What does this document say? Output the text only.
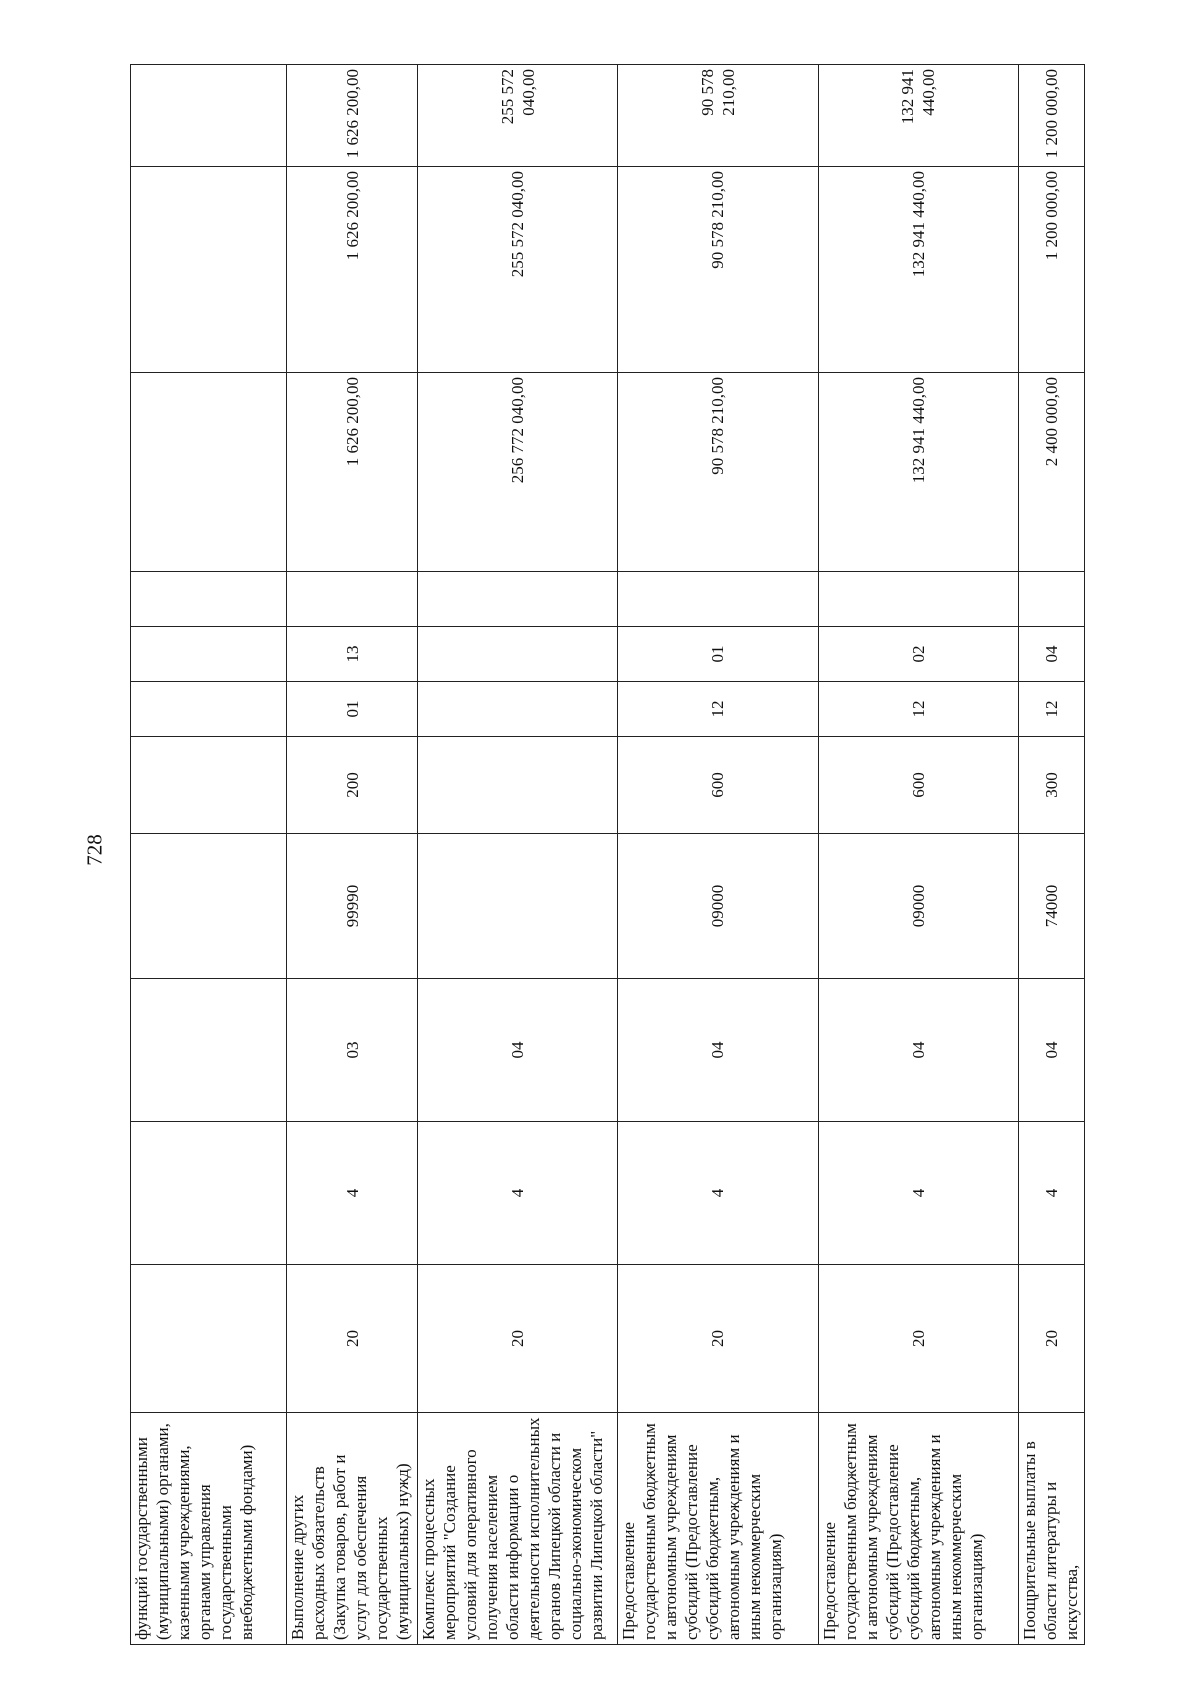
728
функций государственными (муниципальными) органами, казенными учреждениями, органами управления государственными внебюджетными фондами)											
Выполнение других расходных обязательств (Закупка товаров, работ и услуг для обеспечения государственных (муниципальных) нужд)	20	4	03	99990	200	01	13		1 626 200,00	1 626 200,00	1 626 200,00
Комплекс процессных мероприятий "Создание условий для оперативного получения населением области информации о деятельности исполнительных органов Липецкой области и социально-экономическом развитии Липецкой области"	20	4	04						256 772 040,00	255 572 040,00	255 572 040,00
Предоставление государственным бюджетным и автономным учреждениям субсидий (Предоставление субсидий бюджетным, автономным учреждениям и иным некоммерческим организациям)	20	4	04	09000	600	12	01		90 578 210,00	90 578 210,00	90 578 210,00
Предоставление государственным бюджетным и автономным учреждениям субсидий (Предоставление субсидий бюджетным, автономным учреждениям и иным некоммерческим организациям)	20	4	04	09000	600	12	02		132 941 440,00	132 941 440,00	132 941 440,00
Поощрительные выплаты в области литературы и искусства,	20	4	04	74000	300	12	04		2 400 000,00	1 200 000,00	1 200 000,00
